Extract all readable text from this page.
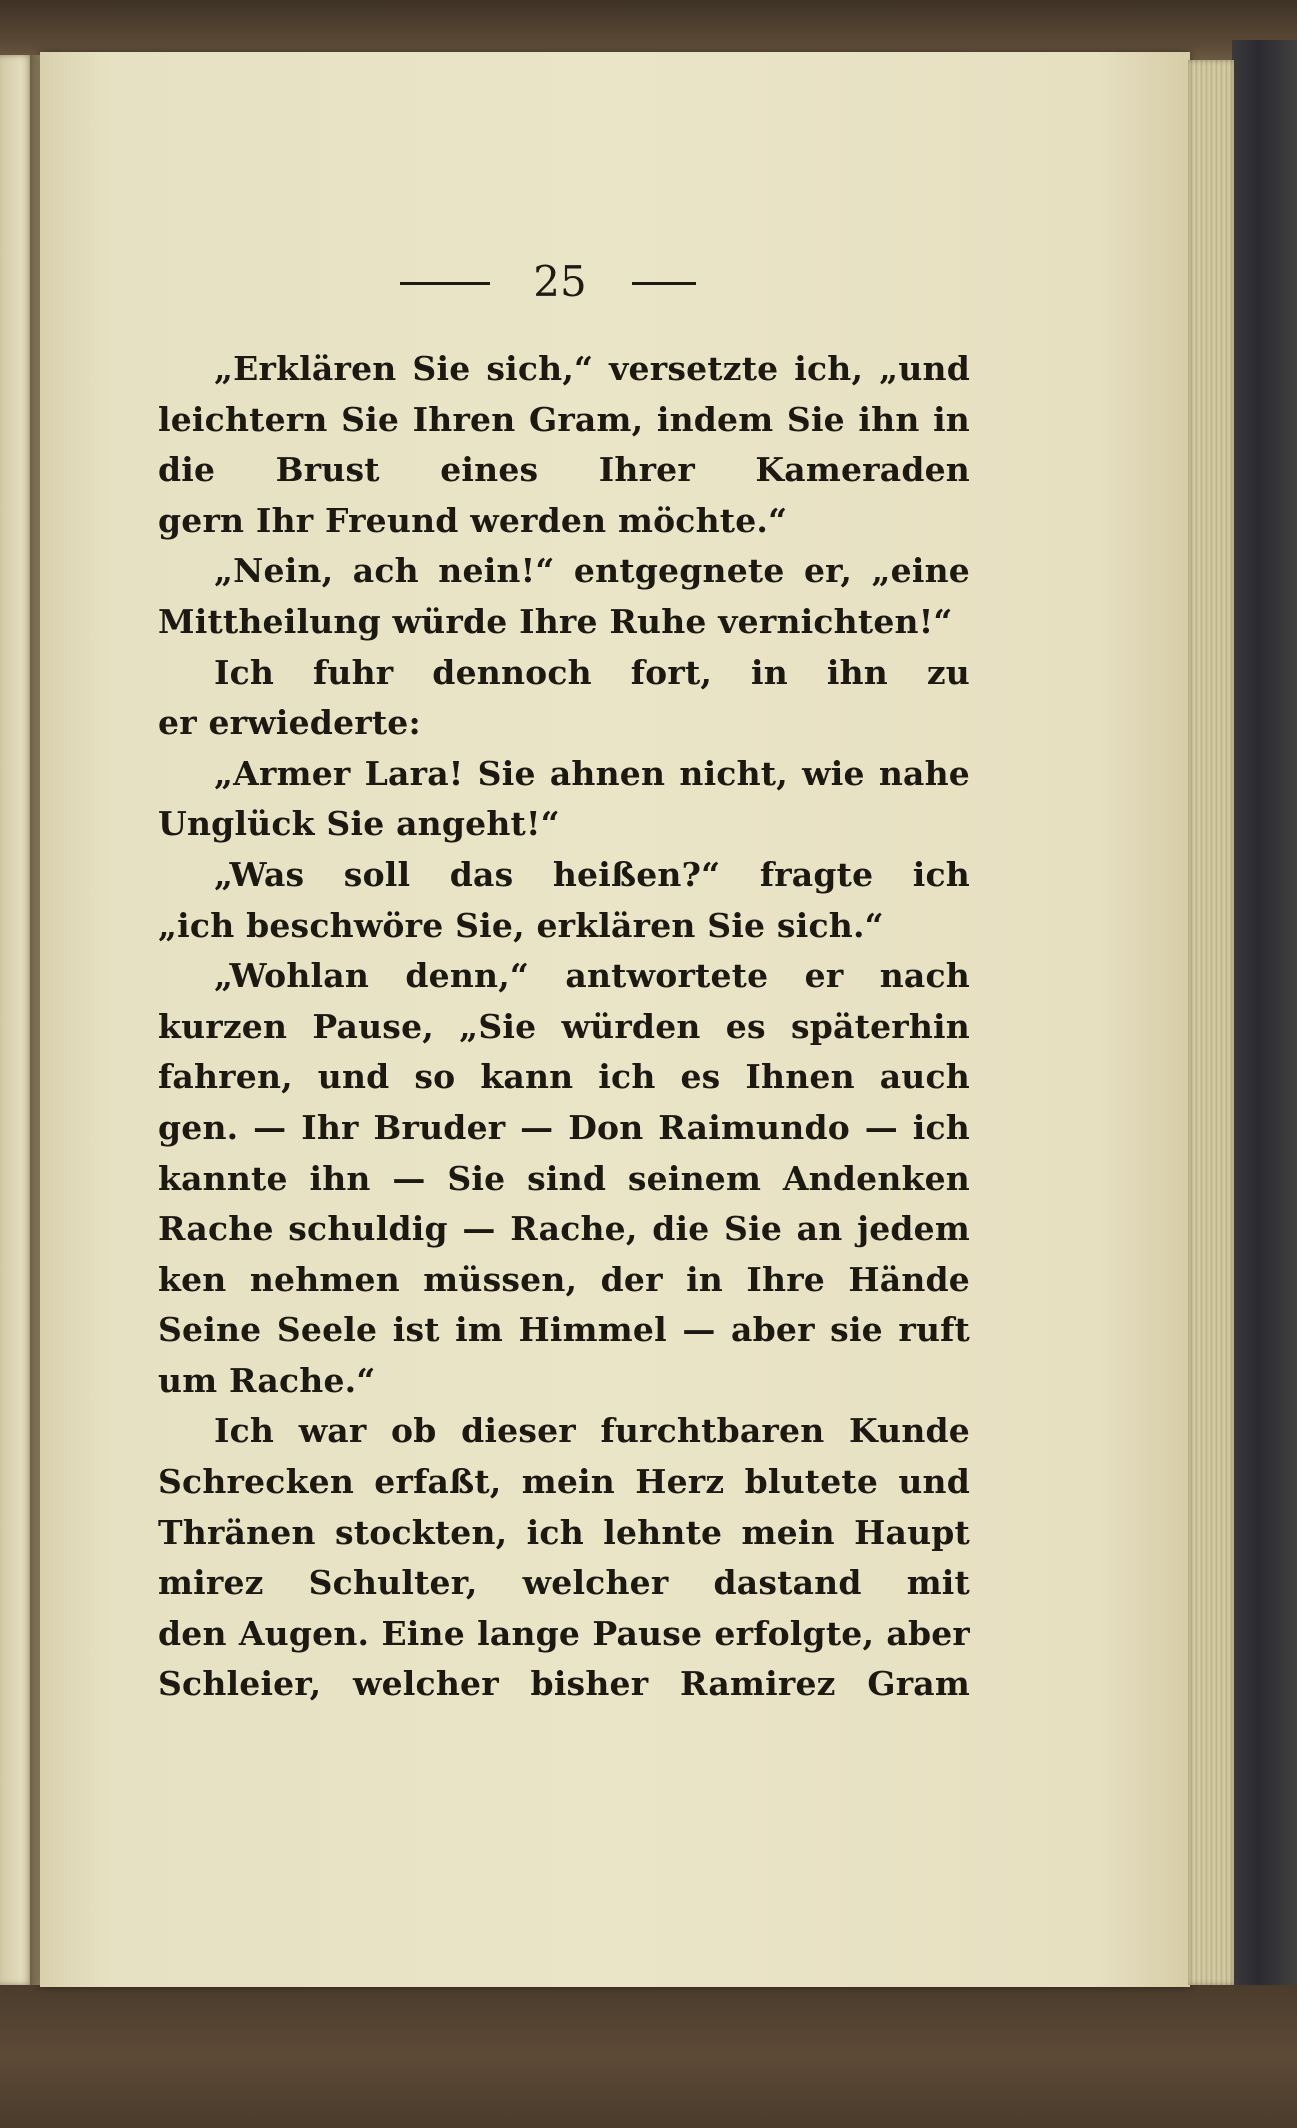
25
„Erklären Sie sich,“ versetzte ich, „und
leichtern Sie Ihren Gram, indem Sie ihn in
die Brust eines Ihrer Kameraden
gern Ihr Freund werden möchte.“
„Nein, ach nein!“ entgegnete er, „eine
Mittheilung würde Ihre Ruhe vernichten!“
Ich fuhr dennoch fort, in ihn zu
er erwiederte:
„Armer Lara! Sie ahnen nicht, wie nahe
Unglück Sie angeht!“
„Was soll das heißen?“ fragte ich
„ich beschwöre Sie, erklären Sie sich.“
„Wohlan denn,“ antwortete er nach
kurzen Pause, „Sie würden es späterhin
fahren, und so kann ich es Ihnen auch
gen. — Ihr Bruder — Don Raimundo — ich
kannte ihn — Sie sind seinem Andenken
Rache schuldig — Rache, die Sie an jedem
ken nehmen müssen, der in Ihre Hände
Seine Seele ist im Himmel — aber sie ruft
um Rache.“
Ich war ob dieser furchtbaren Kunde
Schrecken erfaßt, mein Herz blutete und
Thränen stockten, ich lehnte mein Haupt
mirez Schulter, welcher dastand mit
den Augen. Eine lange Pause erfolgte, aber
Schleier, welcher bisher Ramirez Gram
